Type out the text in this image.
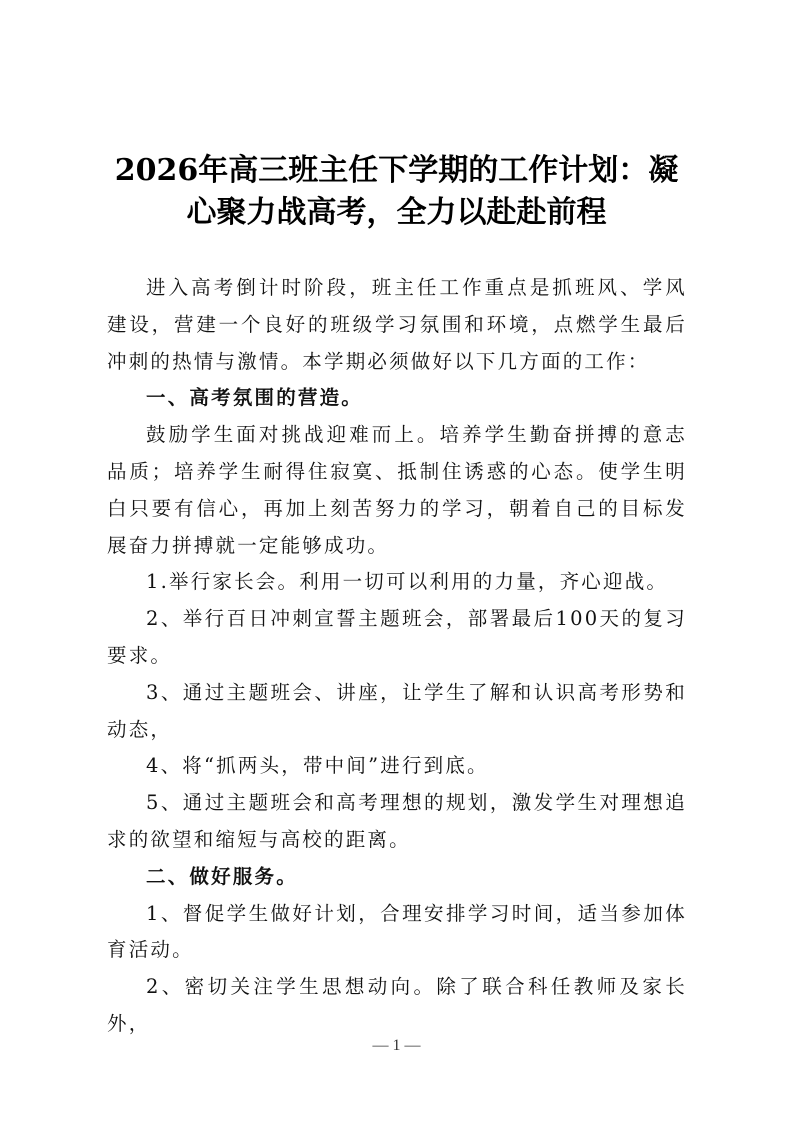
2026年高三班主任下学期的工作计划：凝
心聚力战高考，全力以赴赴前程

进入高考倒计时阶段，班主任工作重点是抓班风、学风建设，营建一个良好的班级学习氛围和环境，点燃学生最后冲刺的热情与激情。本学期必须做好以下几方面的工作：

一、高考氛围的营造。

鼓励学生面对挑战迎难而上。培养学生勤奋拼搏的意志品质；培养学生耐得住寂寞、抵制住诱惑的心态。使学生明白只要有信心，再加上刻苦努力的学习，朝着自己的目标发展奋力拼搏就一定能够成功。

1.举行家长会。利用一切可以利用的力量，齐心迎战。

2、举行百日冲刺宣誓主题班会，部署最后100天的复习要求。

3、通过主题班会、讲座，让学生了解和认识高考形势和动态，

4、将“抓两头，带中间”进行到底。

5、通过主题班会和高考理想的规划，激发学生对理想追求的欲望和缩短与高校的距离。

二、做好服务。

1、督促学生做好计划，合理安排学习时间，适当参加体育活动。

2、密切关注学生思想动向。除了联合科任教师及家长外，

— 1 —
